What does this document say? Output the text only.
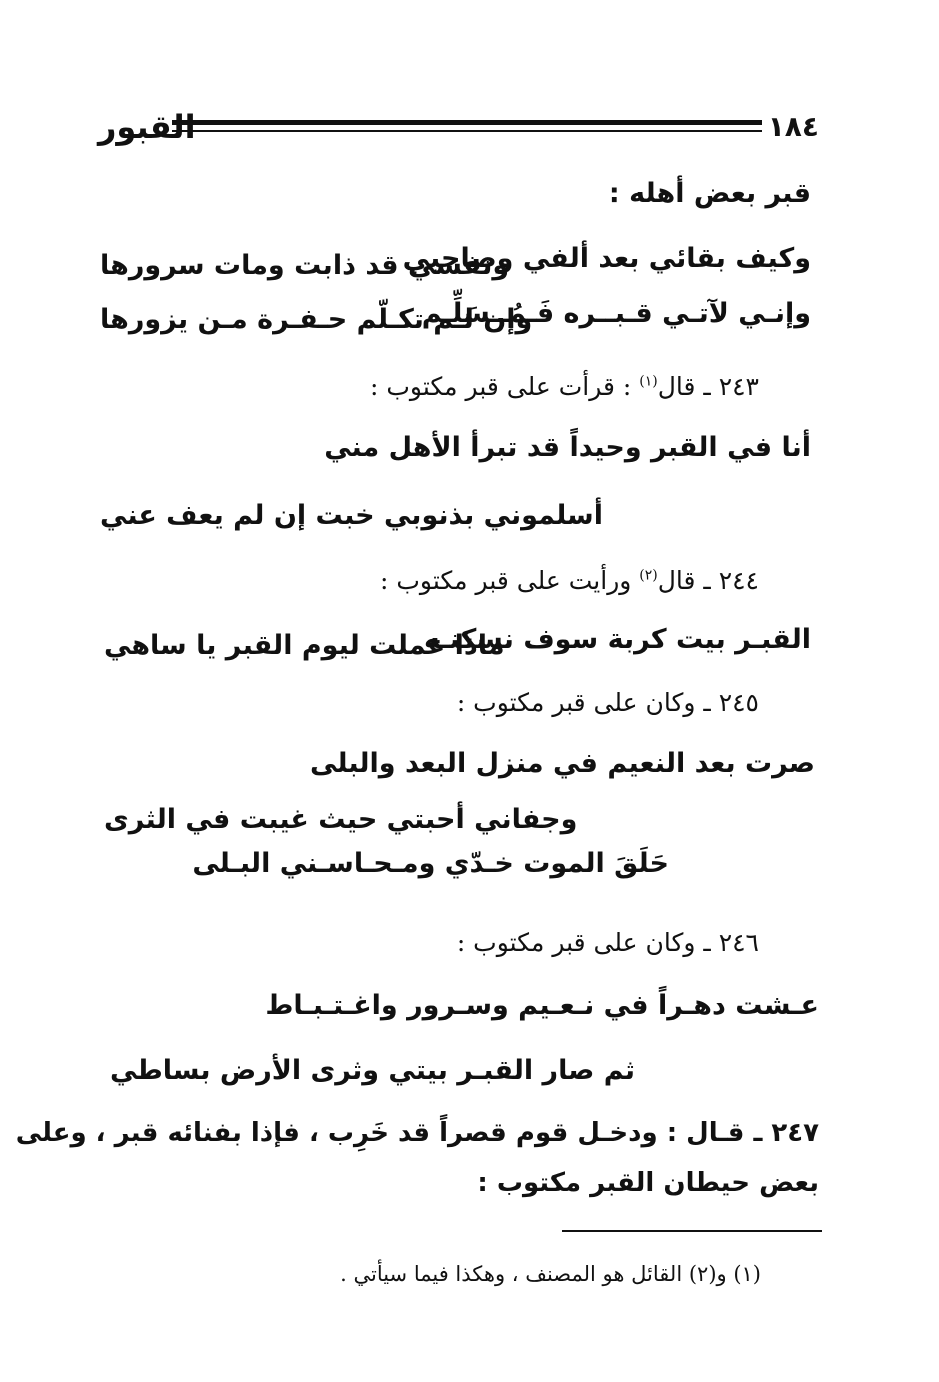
١٨٤
القبور
قبر بعض أهله :
وكيف بقائي بعد ألفي وصاحبي
ونفسي قد ذابت ومات سرورها
وإنـي لآتـي قـبــره فَـمُــسَلِّـم
وإن لـم تكـلّم حـفـرة مـن يزورها
٢٤٣ ـ قال$^{(١)}$ : قرأت على قبر مكتوب :
أنا في القبر وحيداً قد تبرأ الأهل مني
أسلموني بذنوبي خبت إن لم يعف عني
٢٤٤ ـ قال$^{(٢)}$ ورأيت على قبر مكتوب :
القبـر بيت كربة سوف نسكنـه
ماذا عملت ليوم القبر يا ساهي
٢٤٥ ـ وكان على قبر مكتوب :
صرت بعد النعيم في منزل البعد والبلى
وجفاني أحبتي حيث غيبت في الثرى
حَلَقَ الموت خـدّي ومـحـاسـني البـلى
٢٤٦ ـ وكان على قبر مكتوب :
عـشت دهـراً في نـعـيم وسـرور واغـتـبـاط
ثم صار القبـر بيتي وثرى الأرض بساطي
٢٤٧ ـ قـال : ودخـل قوم قصراً قد خَرِب ، فإذا بفنائه قبر ، وعلى
بعض حيطان القبر مكتوب :
(١) و(٢) القائل هو المصنف ، وهكذا فيما سيأتي .
